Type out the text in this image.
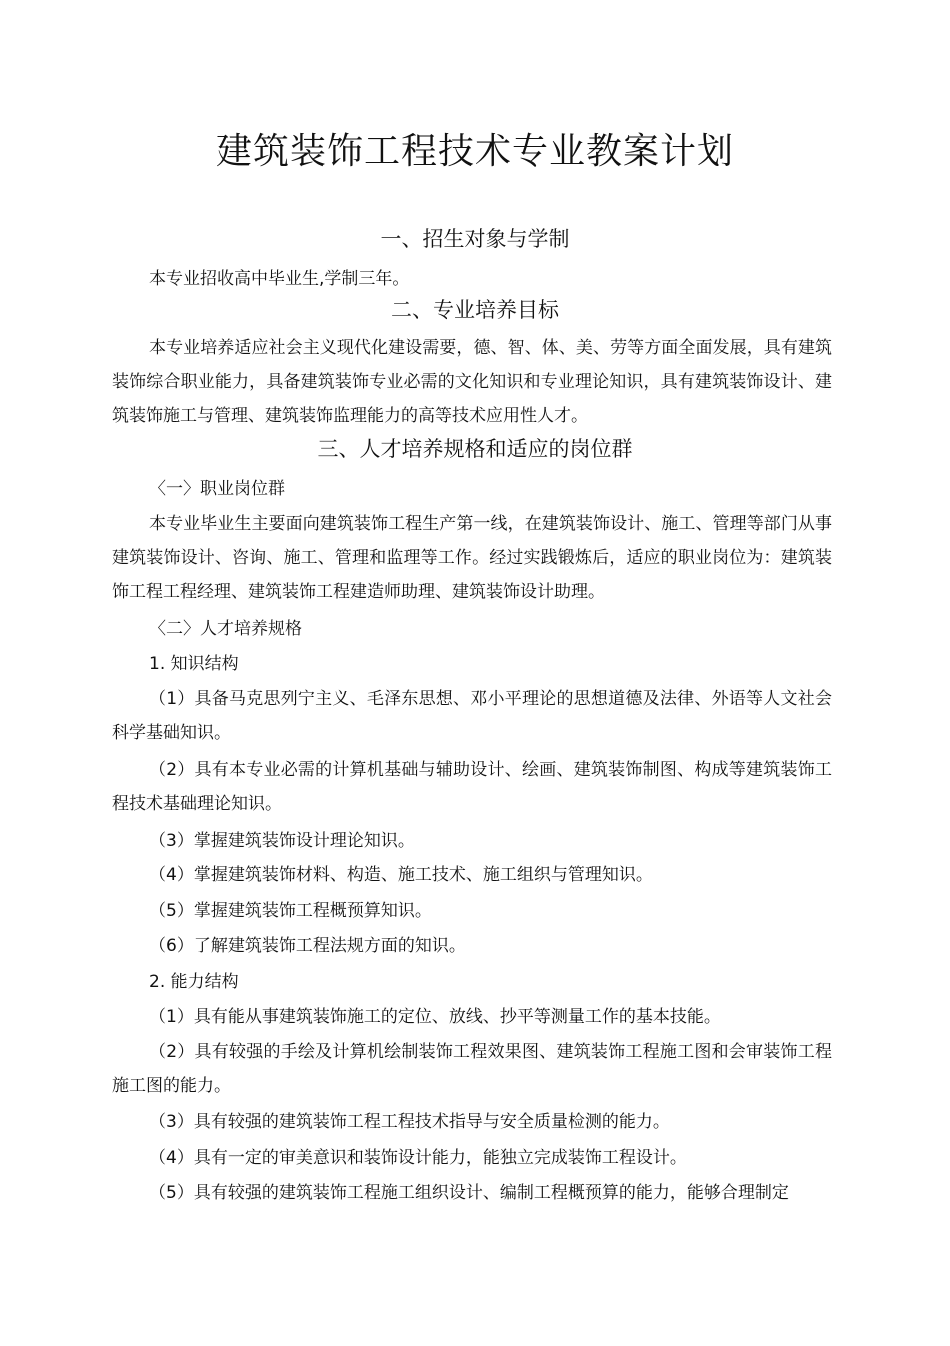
建筑装饰工程技术专业教案计划
一、招生对象与学制
本专业招收高中毕业生,学制三年。
二、专业培养目标
本专业培养适应社会主义现代化建设需要，德、智、体、美、劳等方面全面发展，具有建筑装饰综合职业能力，具备建筑装饰专业必需的文化知识和专业理论知识，具有建筑装饰设计、建筑装饰施工与管理、建筑装饰监理能力的高等技术应用性人才。
三、人才培养规格和适应的岗位群
〈一〉职业岗位群
本专业毕业生主要面向建筑装饰工程生产第一线，在建筑装饰设计、施工、管理等部门从事建筑装饰设计、咨询、施工、管理和监理等工作。经过实践锻炼后，适应的职业岗位为：建筑装饰工程工程经理、建筑装饰工程建造师助理、建筑装饰设计助理。
〈二〉人才培养规格
1. 知识结构
（1）具备马克思列宁主义、毛泽东思想、邓小平理论的思想道德及法律、外语等人文社会科学基础知识。
（2）具有本专业必需的计算机基础与辅助设计、绘画、建筑装饰制图、构成等建筑装饰工程技术基础理论知识。
（3）掌握建筑装饰设计理论知识。
（4）掌握建筑装饰材料、构造、施工技术、施工组织与管理知识。
（5）掌握建筑装饰工程概预算知识。
（6）了解建筑装饰工程法规方面的知识。
2. 能力结构
（1）具有能从事建筑装饰施工的定位、放线、抄平等测量工作的基本技能。
（2）具有较强的手绘及计算机绘制装饰工程效果图、建筑装饰工程施工图和会审装饰工程施工图的能力。
（3）具有较强的建筑装饰工程工程技术指导与安全质量检测的能力。
（4）具有一定的审美意识和装饰设计能力，能独立完成装饰工程设计。
（5）具有较强的建筑装饰工程施工组织设计、编制工程概预算的能力，能够合理制定
